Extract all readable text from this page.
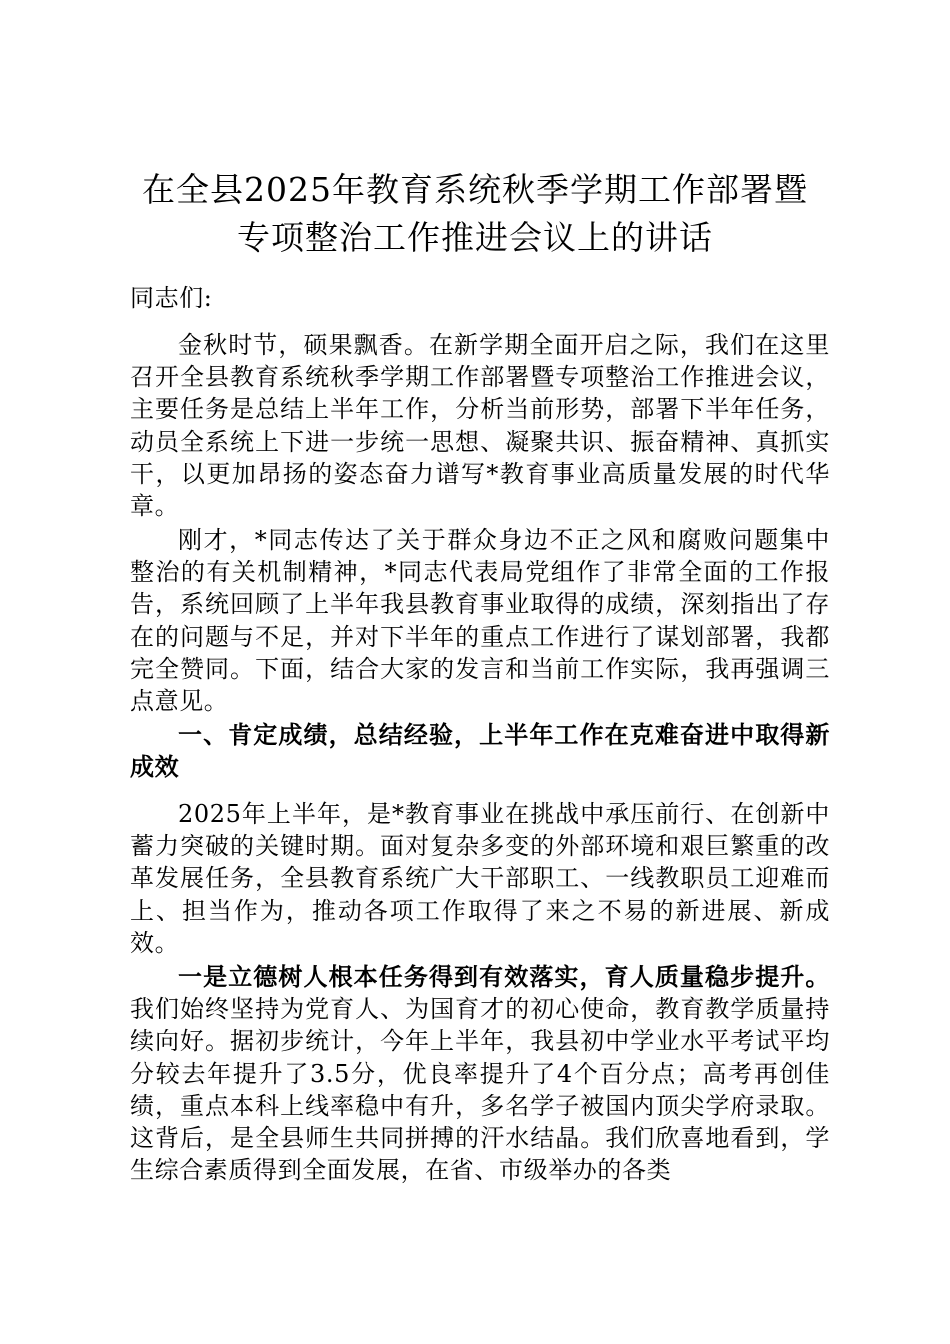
在全县2025年教育系统秋季学期工作部署暨
专项整治工作推进会议上的讲话

同志们:

金秋时节，硕果飘香。在新学期全面开启之际，我们在这里召开全县教育系统秋季学期工作部署暨专项整治工作推进会议，主要任务是总结上半年工作，分析当前形势，部署下半年任务，动员全系统上下进一步统一思想、凝聚共识、振奋精神、真抓实干，以更加昂扬的姿态奋力谱写*教育事业高质量发展的时代华章。

刚才，*同志传达了关于群众身边不正之风和腐败问题集中整治的有关机制精神，*同志代表局党组作了非常全面的工作报告，系统回顾了上半年我县教育事业取得的成绩，深刻指出了存在的问题与不足，并对下半年的重点工作进行了谋划部署，我都完全赞同。下面，结合大家的发言和当前工作实际，我再强调三点意见。

一、肯定成绩，总结经验，上半年工作在克难奋进中取得新成效

2025年上半年，是*教育事业在挑战中承压前行、在创新中蓄力突破的关键时期。面对复杂多变的外部环境和艰巨繁重的改革发展任务，全县教育系统广大干部职工、一线教职员工迎难而上、担当作为，推动各项工作取得了来之不易的新进展、新成效。

一是立德树人根本任务得到有效落实，育人质量稳步提升。我们始终坚持为党育人、为国育才的初心使命，教育教学质量持续向好。据初步统计，今年上半年，我县初中学业水平考试平均分较去年提升了3.5分，优良率提升了4个百分点；高考再创佳绩，重点本科上线率稳中有升，多名学子被国内顶尖学府录取。这背后，是全县师生共同拼搏的汗水结晶。我们欣喜地看到，学生综合素质得到全面发展，在省、市级举办的各类
